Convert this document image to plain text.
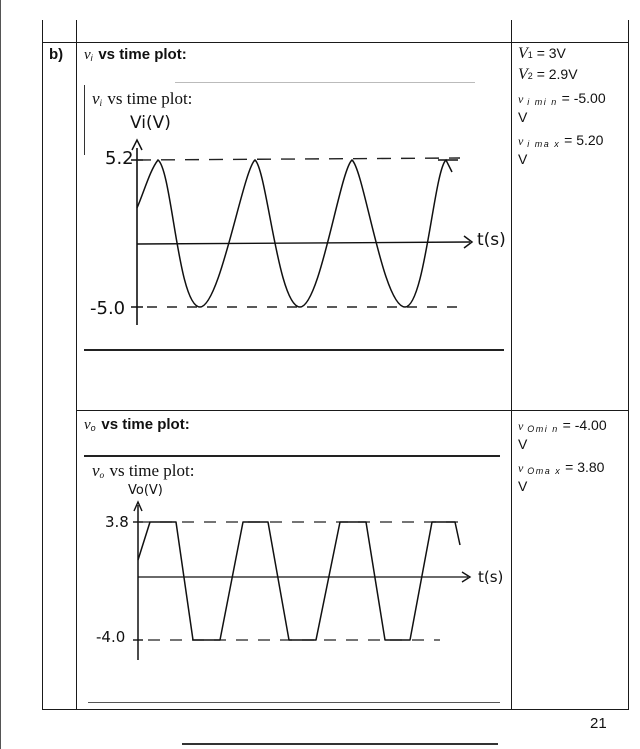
b) vi vs time plot:
vi vs time plot:
Vi(V)
5.2
-5.0
t(s)
vo vs time plot:
vo vs time plot:
Vo(V)
3.8
-4.0
t(s)
V1 = 3V
V2 = 2.9V
v i mi n = -5.00
V
v i ma x = 5.20
V
v Omi n = -4.00
V
v Oma x = 3.80
V
21
